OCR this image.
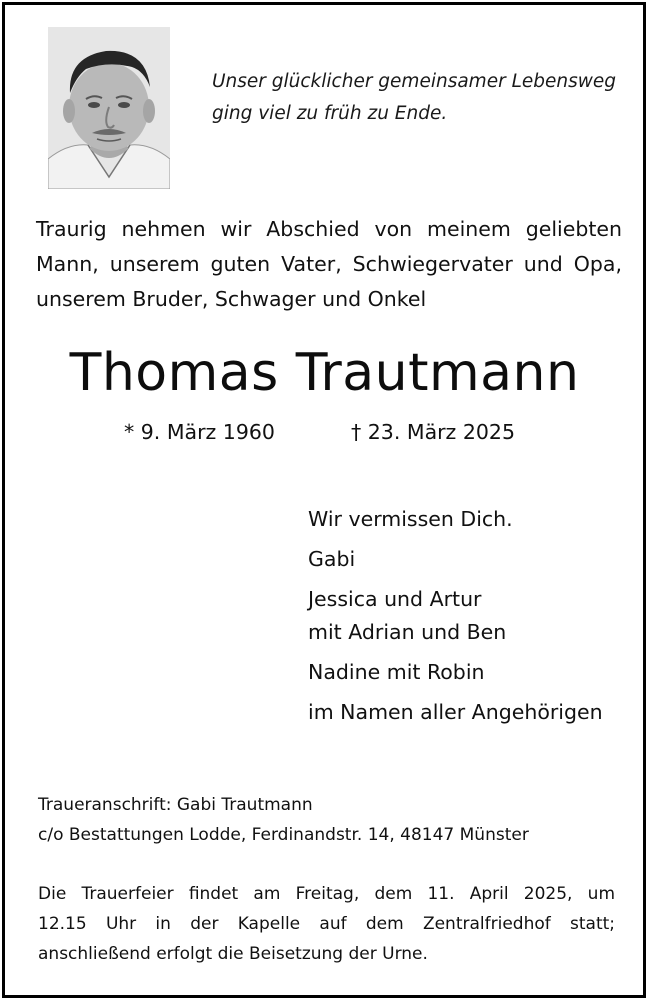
Unser glücklicher gemeinsamer Lebensweg
ging viel zu früh zu Ende.
Traurig nehmen wir Abschied von meinem geliebten
Mann, unserem guten Vater, Schwiegervater und Opa,
unserem Bruder, Schwager und Onkel
Thomas Trautmann
* 9. März 1960	† 23. März 2025
Wir vermissen Dich.
Gabi
Jessica und Artur
mit Adrian und Ben
Nadine mit Robin
im Namen aller Angehörigen
Traueranschrift: Gabi Trautmann
c/o Bestattungen Lodde, Ferdinandstr. 14, 48147 Münster
Die Trauerfeier findet am Freitag, dem 11. April 2025, um
12.15 Uhr in der Kapelle auf dem Zentralfriedhof statt;
anschließend erfolgt die Beisetzung der Urne.
